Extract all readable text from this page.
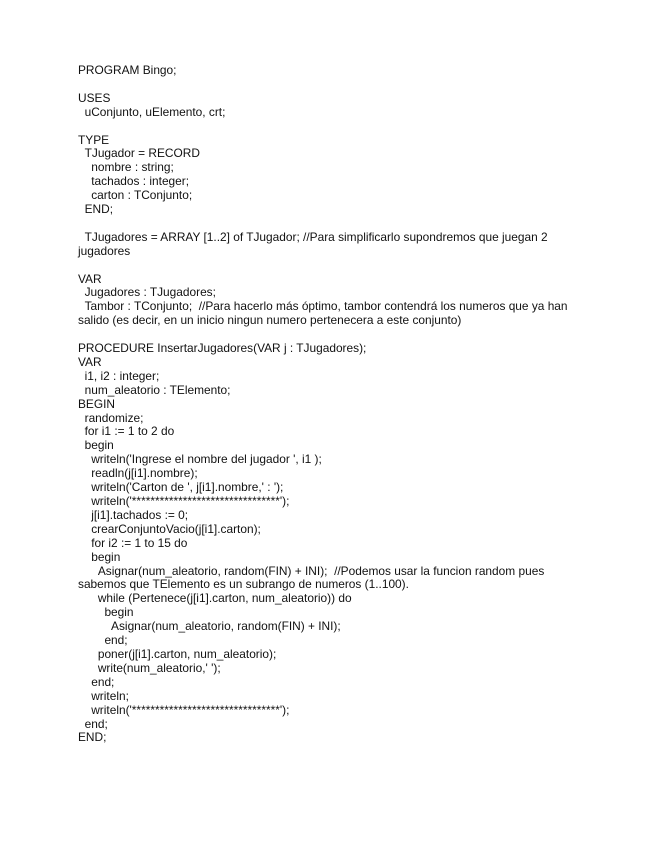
PROGRAM Bingo;
USES
uConjunto, uElemento, crt;
TYPE
TJugador = RECORD
nombre : string;
tachados : integer;
carton : TConjunto;
END;
TJugadores = ARRAY [1..2] of TJugador; //Para simplificarlo supondremos que juegan 2 jugadores
VAR
Jugadores : TJugadores;
Tambor : TConjunto;  //Para hacerlo más óptimo, tambor contendrá los numeros que ya han salido (es decir, en un inicio ningun numero pertenecera a este conjunto)
PROCEDURE InsertarJugadores(VAR j : TJugadores);
VAR
i1, i2 : integer;
num_aleatorio : TElemento;
BEGIN
randomize;
for i1 := 1 to 2 do
begin
writeln('Ingrese el nombre del jugador ', i1 );
readln(j[i1].nombre);
writeln('Carton de ', j[i1].nombre,' : ');
writeln('********************************');
j[i1].tachados := 0;
crearConjuntoVacio(j[i1].carton);
for i2 := 1 to 15 do
begin
Asignar(num_aleatorio, random(FIN) + INI);  //Podemos usar la funcion random pues sabemos que TElemento es un subrango de numeros (1..100).
while (Pertenece(j[i1].carton, num_aleatorio)) do
begin
Asignar(num_aleatorio, random(FIN) + INI);
end;
poner(j[i1].carton, num_aleatorio);
write(num_aleatorio,' ');
end;
writeln;
writeln('********************************');
end;
END;
